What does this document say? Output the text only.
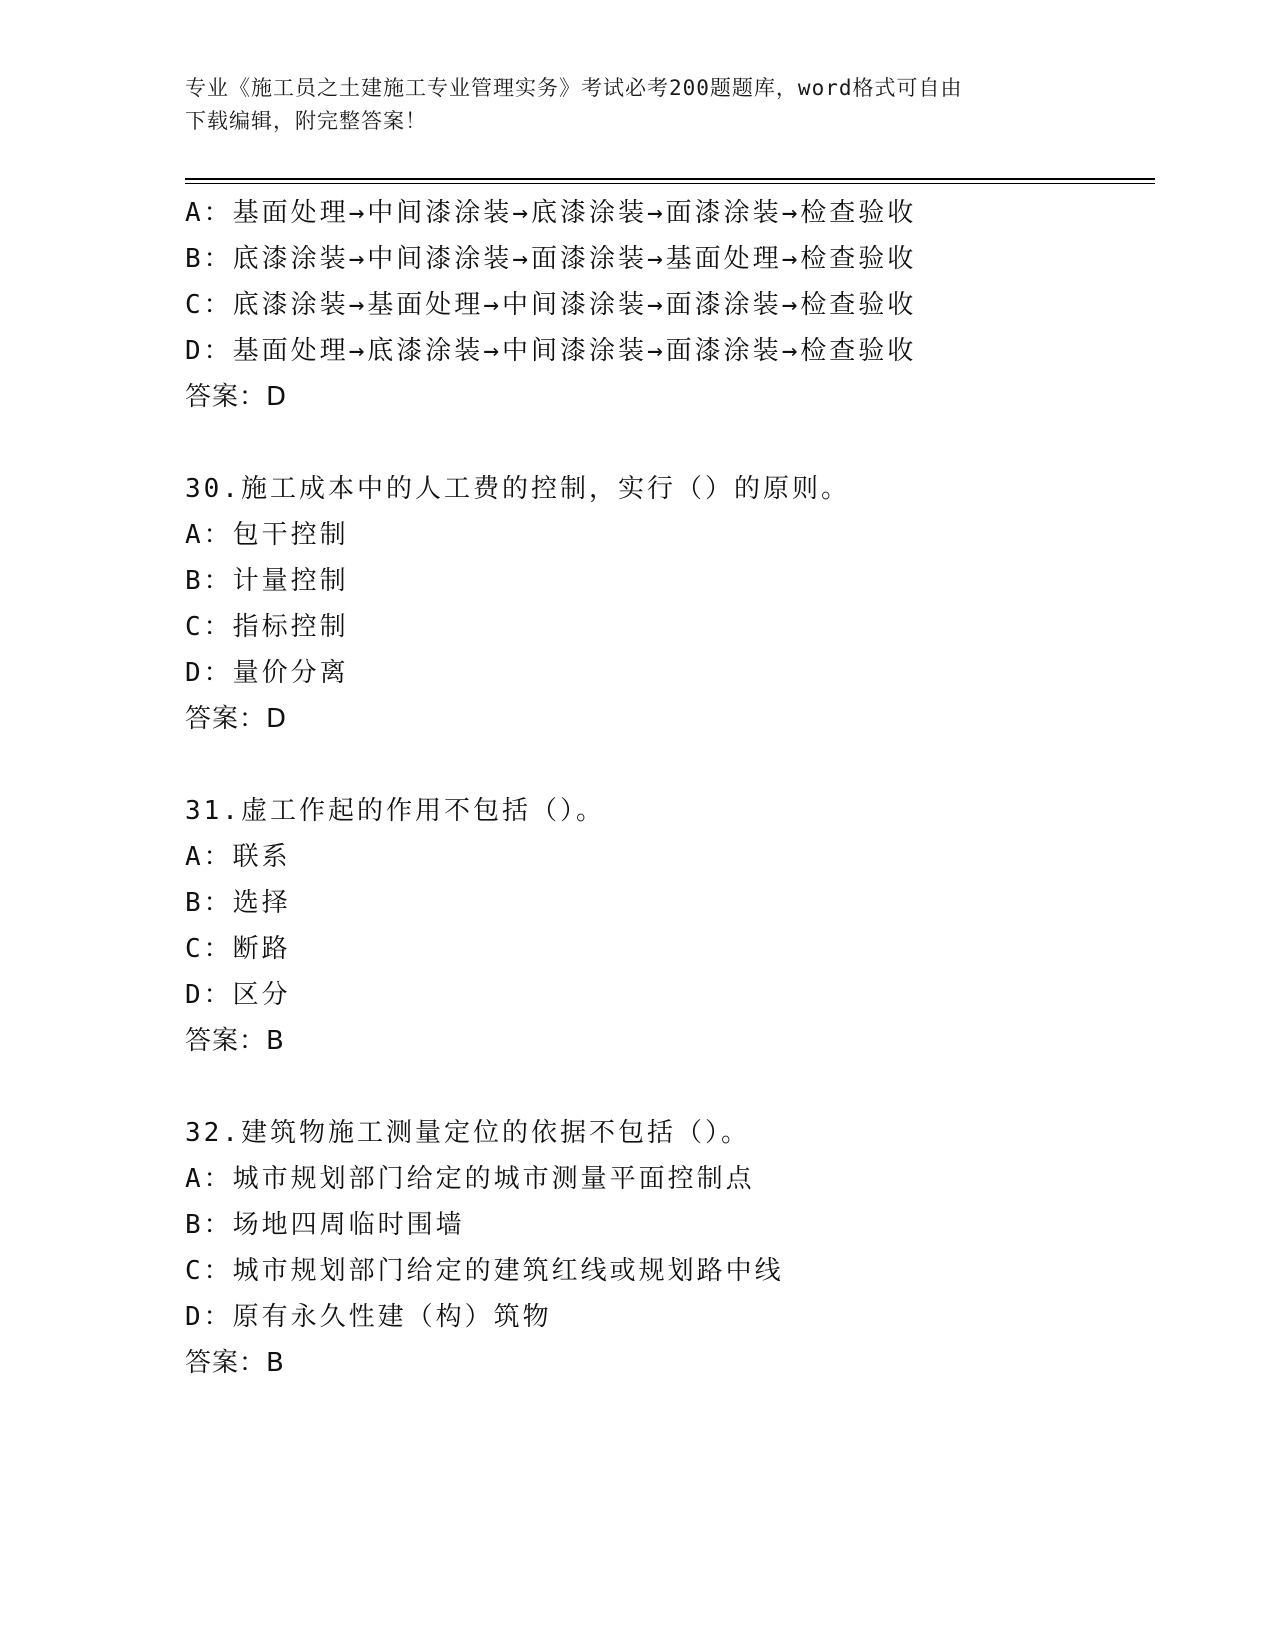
专业《施工员之土建施工专业管理实务》考试必考200题题库，word格式可自由
下载编辑，附完整答案！
A：基面处理→中间漆涂装→底漆涂装→面漆涂装→检查验收
B：底漆涂装→中间漆涂装→面漆涂装→基面处理→检查验收
C：底漆涂装→基面处理→中间漆涂装→面漆涂装→检查验收
D：基面处理→底漆涂装→中间漆涂装→面漆涂装→检查验收
答案：D
30.施工成本中的人工费的控制，实行（）的原则。
A：包干控制
B：计量控制
C：指标控制
D：量价分离
答案：D
31.虚工作起的作用不包括（）。
A：联系
B：选择
C：断路
D：区分
答案：B
32.建筑物施工测量定位的依据不包括（）。
A：城市规划部门给定的城市测量平面控制点
B：场地四周临时围墙
C：城市规划部门给定的建筑红线或规划路中线
D：原有永久性建（构）筑物
答案：B
